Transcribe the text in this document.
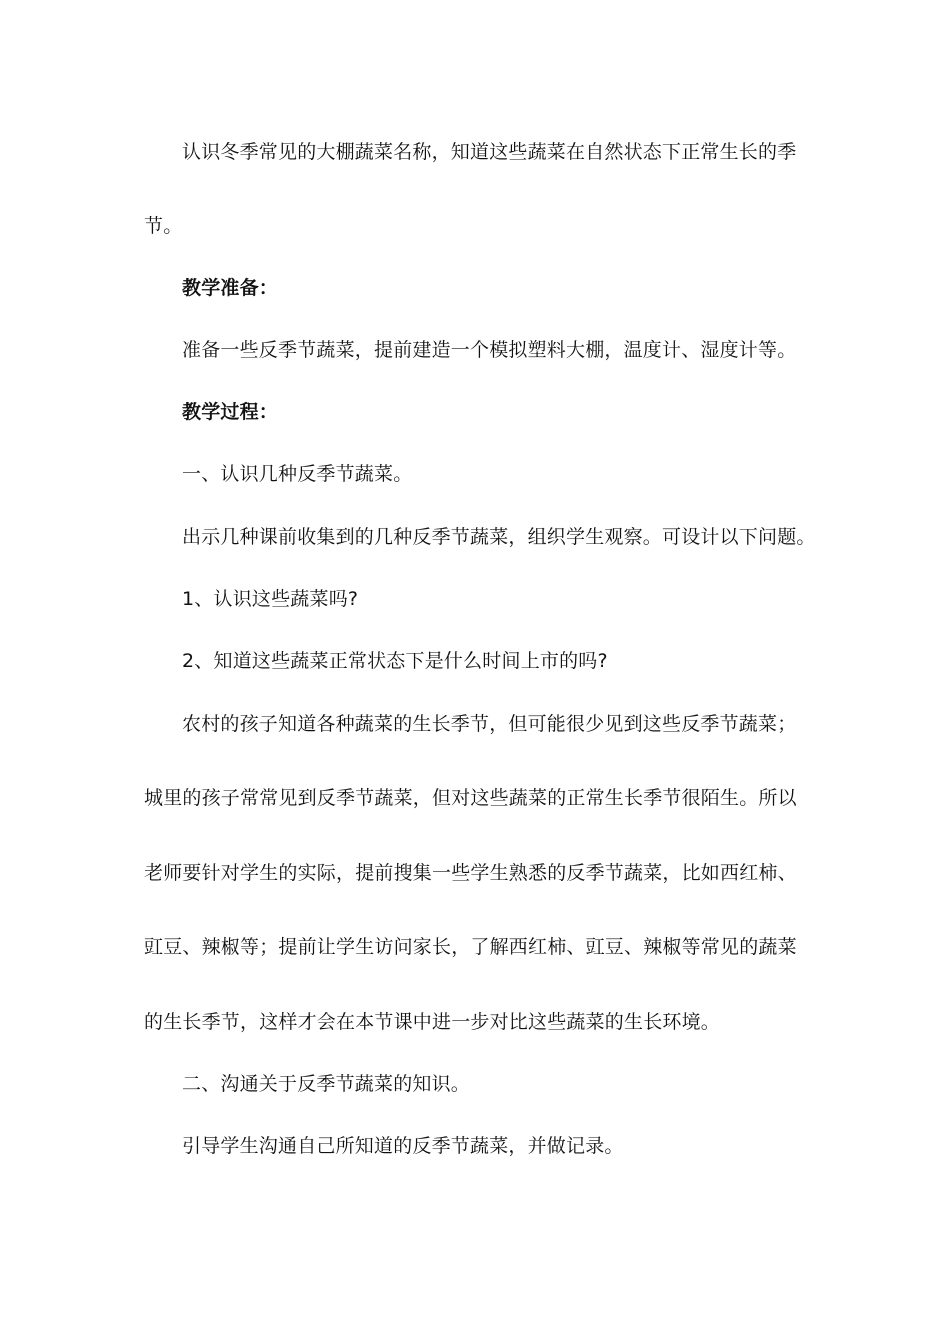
认识冬季常见的大棚蔬菜名称，知道这些蔬菜在自然状态下正常生长的季

节。

教学准备：

准备一些反季节蔬菜，提前建造一个模拟塑料大棚，温度计、湿度计等。

教学过程：

一、认识几种反季节蔬菜。

出示几种课前收集到的几种反季节蔬菜，组织学生观察。可设计以下问题。

1、认识这些蔬菜吗?

2、知道这些蔬菜正常状态下是什么时间上市的吗?

农村的孩子知道各种蔬菜的生长季节，但可能很少见到这些反季节蔬菜；

城里的孩子常常见到反季节蔬菜，但对这些蔬菜的正常生长季节很陌生。所以

老师要针对学生的实际，提前搜集一些学生熟悉的反季节蔬菜，比如西红柿、

豇豆、辣椒等；提前让学生访问家长，了解西红柿、豇豆、辣椒等常见的蔬菜

的生长季节，这样才会在本节课中进一步对比这些蔬菜的生长环境。

二、沟通关于反季节蔬菜的知识。

引导学生沟通自己所知道的反季节蔬菜，并做记录。
